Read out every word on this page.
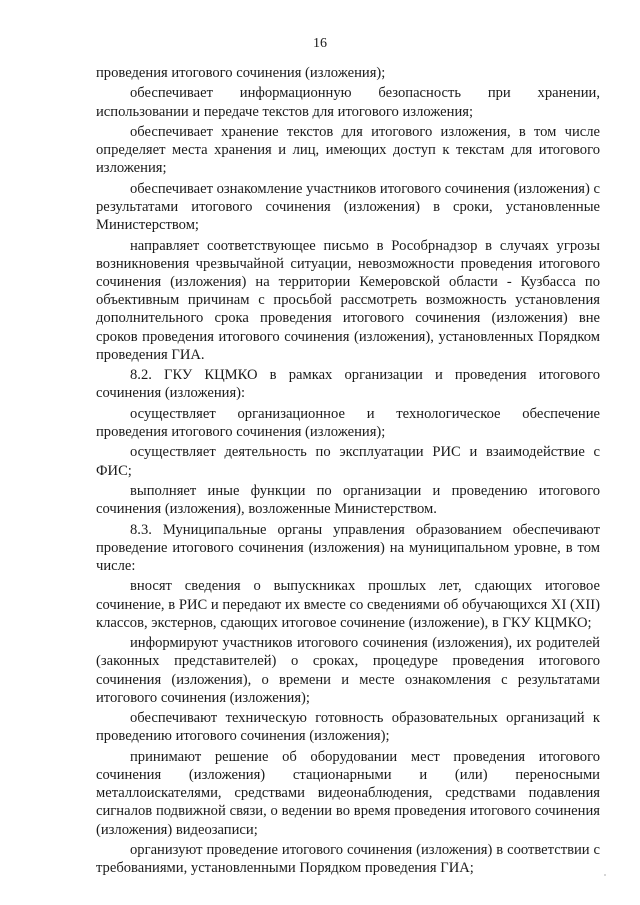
16

проведения итогового сочинения (изложения);

обеспечивает информационную безопасность при хранении, использовании и передаче текстов для итогового изложения;

обеспечивает хранение текстов для итогового изложения, в том числе определяет места хранения и лиц, имеющих доступ к текстам для итогового изложения;

обеспечивает ознакомление участников итогового сочинения (изложения) с результатами итогового сочинения (изложения) в сроки, установленные Министерством;

направляет соответствующее письмо в Рособрнадзор в случаях угрозы возникновения чрезвычайной ситуации, невозможности проведения итогового сочинения (изложения) на территории Кемеровской области - Кузбасса по объективным причинам с просьбой рассмотреть возможность установления дополнительного срока проведения итогового сочинения (изложения) вне сроков проведения итогового сочинения (изложения), установленных Порядком проведения ГИА.

8.2. ГКУ КЦМКО в рамках организации и проведения итогового сочинения (изложения):

осуществляет организационное и технологическое обеспечение проведения итогового сочинения (изложения);

осуществляет деятельность по эксплуатации РИС и взаимодействие с ФИС;

выполняет иные функции по организации и проведению итогового сочинения (изложения), возложенные Министерством.

8.3. Муниципальные органы управления образованием обеспечивают проведение итогового сочинения (изложения) на муниципальном уровне, в том числе:

вносят сведения о выпускниках прошлых лет, сдающих итоговое сочинение, в РИС и передают их вместе со сведениями об обучающихся XI (XII) классов, экстернов, сдающих итоговое сочинение (изложение), в ГКУ КЦМКО;

информируют участников итогового сочинения (изложения), их родителей (законных представителей) о сроках, процедуре проведения итогового сочинения (изложения), о времени и месте ознакомления с результатами итогового сочинения (изложения);

обеспечивают техническую готовность образовательных организаций к проведению итогового сочинения (изложения);

принимают решение об оборудовании мест проведения итогового сочинения (изложения) стационарными и (или) переносными металлоискателями, средствами видеонаблюдения, средствами подавления сигналов подвижной связи, о ведении во время проведения итогового сочинения (изложения) видеозаписи;

организуют проведение итогового сочинения (изложения) в соответствии с требованиями, установленными Порядком проведения ГИА;
